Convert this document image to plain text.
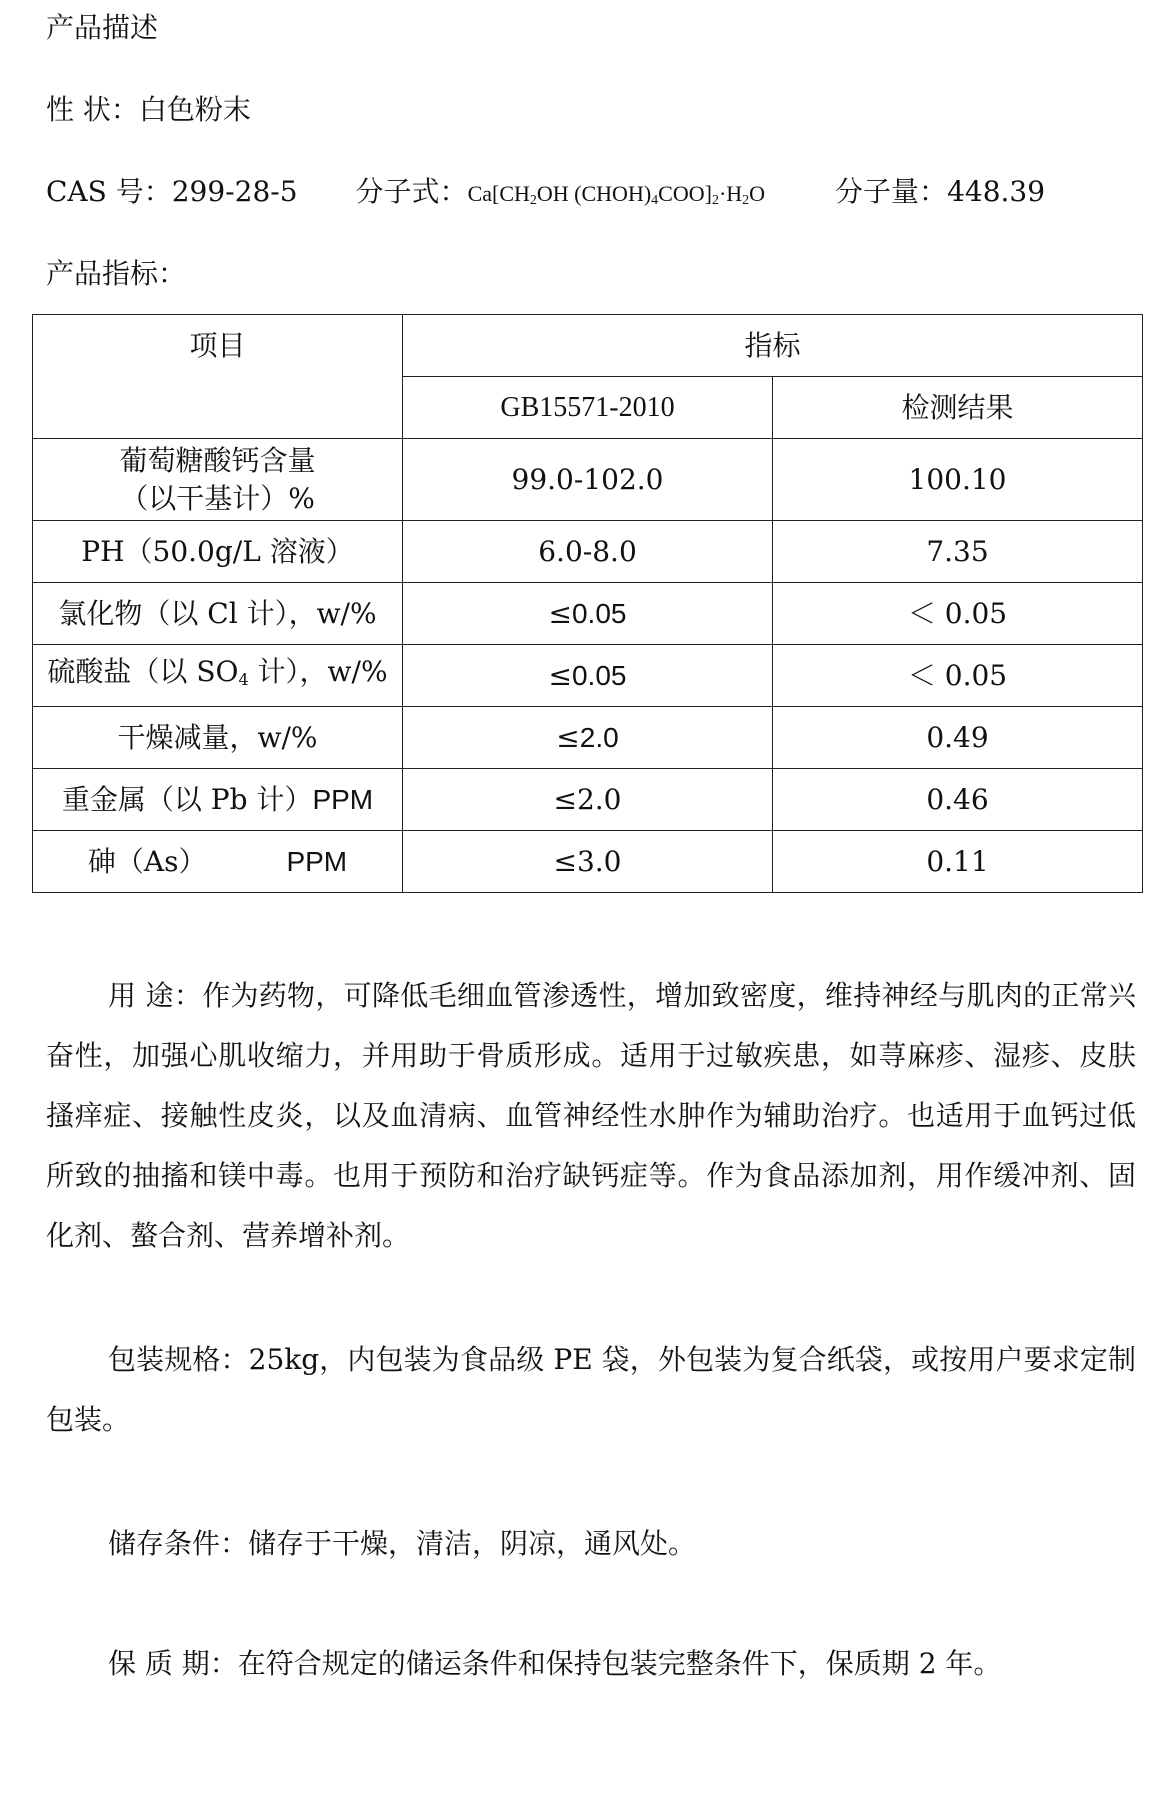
产品描述
性 状：白色粉末
CAS 号：299-28-5 分子式：$Ca[CH_2OH$ $(CHOH)_4COO]_2\cdot H_2O$	分子量：448.39
产品指标：
项目	指标	
	GB15571-2010	检测结果

葡萄糖酸钙含量
（以干基计）%	99.0-102.0	100.10
PH（50.0g/L 溶液）	6.0-8.0	7.35
氯化物（以 Cl 计），w/%	≤0.05	＜ 0.05
硫酸盐（以 $SO_4$ 计），w/%	≤0.05	＜ 0.05
干燥减量，w/%	≤2.0	0.49
重金属（以 Pb 计）PPM	≤2.0	0.46
砷（As） PPM	≤3.0	0.11

用 途：作为药物，可降低毛细血管渗透性，增加致密度，维持神经与肌肉的正常兴奋性，加强心肌收缩力，并用助于骨质形成。适用于过敏疾患，如荨麻疹、湿疹、皮肤搔痒症、接触性皮炎，以及血清病、血管神经性水肿作为辅助治疗。也适用于血钙过低所致的抽搐和镁中毒。也用于预防和治疗缺钙症等。作为食品添加剂，用作缓冲剂、固化剂、螯合剂、营养增补剂。

包装规格：25kg，内包装为食品级 PE 袋，外包装为复合纸袋，或按用户要求定制包装。

储存条件：储存于干燥，清洁，阴凉，通风处。

保 质 期：在符合规定的储运条件和保持包装完整条件下，保质期 2 年。
